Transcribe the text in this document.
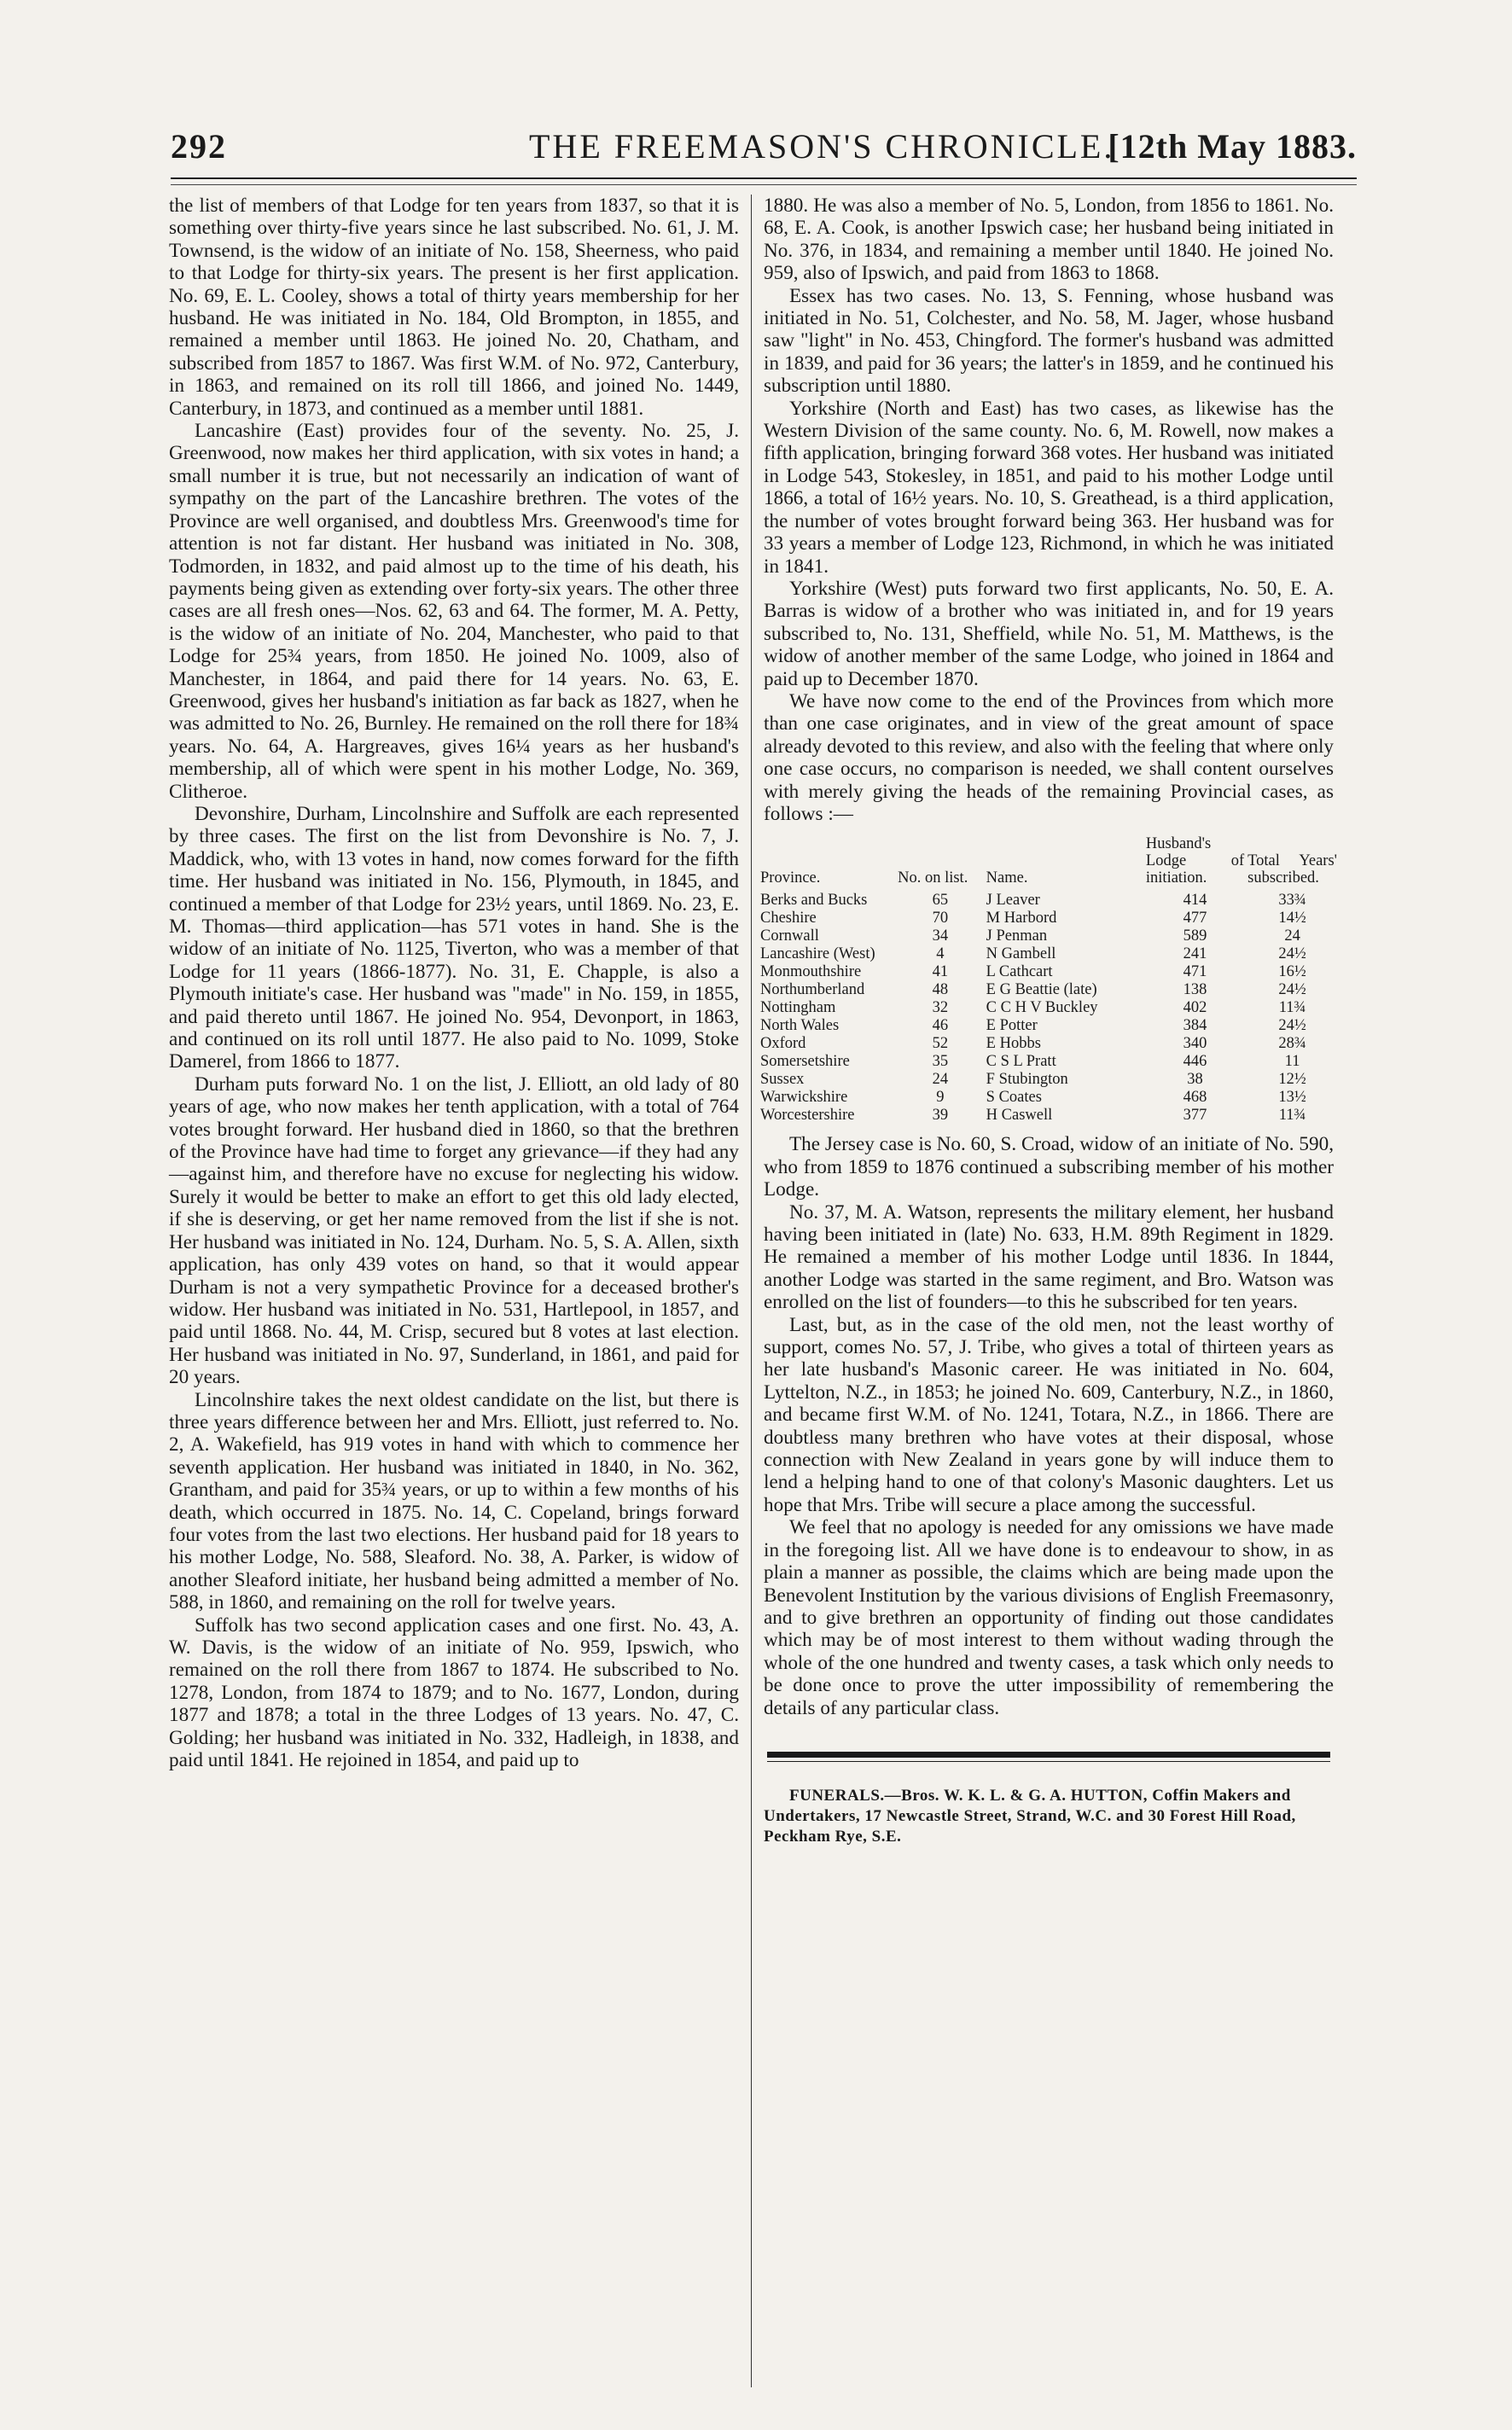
292	THE FREEMASON'S CHRONICLE.
[12th May 1883.

the list of members of that Lodge for ten years from 1837, so that it is something over thirty-five years since he last subscribed. No. 61, J. M. Townsend, is the widow of an initiate of No. 158, Sheerness, who paid to that Lodge for thirty-six years. The present is her first application. No. 69, E. L. Cooley, shows a total of thirty years membership for her husband. He was initiated in No. 184, Old Brompton, in 1855, and remained a member until 1863. He joined No. 20, Chatham, and subscribed from 1857 to 1867. Was first W.M. of No. 972, Canterbury, in 1863, and remained on its roll till 1866, and joined No. 1449, Canterbury, in 1873, and continued as a member until 1881.

Lancashire (East) provides four of the seventy. No. 25, J. Greenwood, now makes her third application, with six votes in hand; a small number it is true, but not necessarily an indication of want of sympathy on the part of the Lancashire brethren. The votes of the Province are well organised, and doubtless Mrs. Greenwood's time for attention is not far distant. Her husband was initiated in No. 308, Todmorden, in 1832, and paid almost up to the time of his death, his payments being given as extending over forty-six years. The other three cases are all fresh ones—Nos. 62, 63 and 64. The former, M. A. Petty, is the widow of an initiate of No. 204, Manchester, who paid to that Lodge for 25¾ years, from 1850. He joined No. 1009, also of Manchester, in 1864, and paid there for 14 years. No. 63, E. Greenwood, gives her husband's initiation as far back as 1827, when he was admitted to No. 26, Burnley. He remained on the roll there for 18¾ years. No. 64, A. Hargreaves, gives 16¼ years as her husband's membership, all of which were spent in his mother Lodge, No. 369, Clitheroe.

Devonshire, Durham, Lincolnshire and Suffolk are each represented by three cases. The first on the list from Devonshire is No. 7, J. Maddick, who, with 13 votes in hand, now comes forward for the fifth time. Her husband was initiated in No. 156, Plymouth, in 1845, and continued a member of that Lodge for 23½ years, until 1869. No. 23, E. M. Thomas—third application—has 571 votes in hand. She is the widow of an initiate of No. 1125, Tiverton, who was a member of that Lodge for 11 years (1866-1877). No. 31, E. Chapple, is also a Plymouth initiate's case. Her husband was "made" in No. 159, in 1855, and paid thereto until 1867. He joined No. 954, Devonport, in 1863, and continued on its roll until 1877. He also paid to No. 1099, Stoke Damerel, from 1866 to 1877.

Durham puts forward No. 1 on the list, J. Elliott, an old lady of 80 years of age, who now makes her tenth application, with a total of 764 votes brought forward. Her husband died in 1860, so that the brethren of the Province have had time to forget any grievance—if they had any—against him, and therefore have no excuse for neglecting his widow. Surely it would be better to make an effort to get this old lady elected, if she is deserving, or get her name removed from the list if she is not. Her husband was initiated in No. 124, Durham. No. 5, S. A. Allen, sixth application, has only 439 votes on hand, so that it would appear Durham is not a very sympathetic Province for a deceased brother's widow. Her husband was initiated in No. 531, Hartlepool, in 1857, and paid until 1868. No. 44, M. Crisp, secured but 8 votes at last election. Her husband was initiated in No. 97, Sunderland, in 1861, and paid for 20 years.

Lincolnshire takes the next oldest candidate on the list, but there is three years difference between her and Mrs. Elliott, just referred to. No. 2, A. Wakefield, has 919 votes in hand with which to commence her seventh application. Her husband was initiated in 1840, in No. 362, Grantham, and paid for 35¾ years, or up to within a few months of his death, which occurred in 1875. No. 14, C. Copeland, brings forward four votes from the last two elections. Her husband paid for 18 years to his mother Lodge, No. 588, Sleaford. No. 38, A. Parker, is widow of another Sleaford initiate, her husband being admitted a member of No. 588, in 1860, and remaining on the roll for twelve years.

Suffolk has two second application cases and one first. No. 43, A. W. Davis, is the widow of an initiate of No. 959, Ipswich, who remained on the roll there from 1867 to 1874. He subscribed to No. 1278, London, from 1874 to 1879; and to No. 1677, London, during 1877 and 1878; a total in the three Lodges of 13 years. No. 47, C. Golding; her husband was initiated in No. 332, Hadleigh, in 1838, and paid until 1841. He rejoined in 1854, and paid up to

1880. He was also a member of No. 5, London, from 1856 to 1861. No. 68, E. A. Cook, is another Ipswich case; her husband being initiated in No. 376, in 1834, and remaining a member until 1840. He joined No. 959, also of Ipswich, and paid from 1863 to 1868.

Essex has two cases. No. 13, S. Fenning, whose husband was initiated in No. 51, Colchester, and No. 58, M. Jager, whose husband saw "light" in No. 453, Chingford. The former's husband was admitted in 1839, and paid for 36 years; the latter's in 1859, and he continued his subscription until 1880.

Yorkshire (North and East) has two cases, as likewise has the Western Division of the same county. No. 6, M. Rowell, now makes a fifth application, bringing forward 368 votes. Her husband was initiated in Lodge 543, Stokesley, in 1851, and paid to his mother Lodge until 1866, a total of 16½ years. No. 10, S. Greathead, is a third application, the number of votes brought forward being 363. Her husband was for 33 years a member of Lodge 123, Richmond, in which he was initiated in 1841.

Yorkshire (West) puts forward two first applicants, No. 50, E. A. Barras is widow of a brother who was initiated in, and for 19 years subscribed to, No. 131, Sheffield, while No. 51, M. Matthews, is the widow of another member of the same Lodge, who joined in 1864 and paid up to December 1870.

We have now come to the end of the Provinces from which more than one case originates, and in view of the great amount of space already devoted to this review, and also with the feeling that where only one case occurs, no comparison is needed, we shall content ourselves with merely giving the heads of the remaining Provincial cases, as follows :—

Province.	No. on list.	Name.	Husband's Lodge of initiation.	Total Years' subscribed.
Berks and Bucks	65	J Leaver	414	33¾
Cheshire	70	M Harbord	477	14½
Cornwall	34	J Penman	589	24
Lancashire (West)	4	N Gambell	241	24½
Monmouthshire	41	L Cathcart	471	16½
Northumberland	48	E G Beattie (late)	138	24½
Nottingham	32	C C H V Buckley	402	11¾
North Wales	46	E Potter	384	24½
Oxford	52	E Hobbs	340	28¾
Somersetshire	35	C S L Pratt	446	11
Sussex	24	F Stubington	38	12½
Warwickshire	9	S Coates	468	13½
Worcestershire	39	H Caswell	377	11¾

The Jersey case is No. 60, S. Croad, widow of an initiate of No. 590, who from 1859 to 1876 continued a subscribing member of his mother Lodge.

No. 37, M. A. Watson, represents the military element, her husband having been initiated in (late) No. 633, H.M. 89th Regiment in 1829. He remained a member of his mother Lodge until 1836. In 1844, another Lodge was started in the same regiment, and Bro. Watson was enrolled on the list of founders—to this he subscribed for ten years.

Last, but, as in the case of the old men, not the least worthy of support, comes No. 57, J. Tribe, who gives a total of thirteen years as her late husband's Masonic career. He was initiated in No. 604, Lyttelton, N.Z., in 1853; he joined No. 609, Canterbury, N.Z., in 1860, and became first W.M. of No. 1241, Totara, N.Z., in 1866. There are doubtless many brethren who have votes at their disposal, whose connection with New Zealand in years gone by will induce them to lend a helping hand to one of that colony's Masonic daughters. Let us hope that Mrs. Tribe will secure a place among the successful.

We feel that no apology is needed for any omissions we have made in the foregoing list. All we have done is to endeavour to show, in as plain a manner as possible, the claims which are being made upon the Benevolent Institution by the various divisions of English Freemasonry, and to give brethren an opportunity of finding out those candidates which may be of most interest to them without wading through the whole of the one hundred and twenty cases, a task which only needs to be done once to prove the utter impossibility of remembering the details of any particular class.

FUNERALS.—Bros. W. K. L. & G. A. HUTTON, Coffin Makers and Undertakers, 17 Newcastle Street, Strand, W.C. and 30 Forest Hill Road, Peckham Rye, S.E.
